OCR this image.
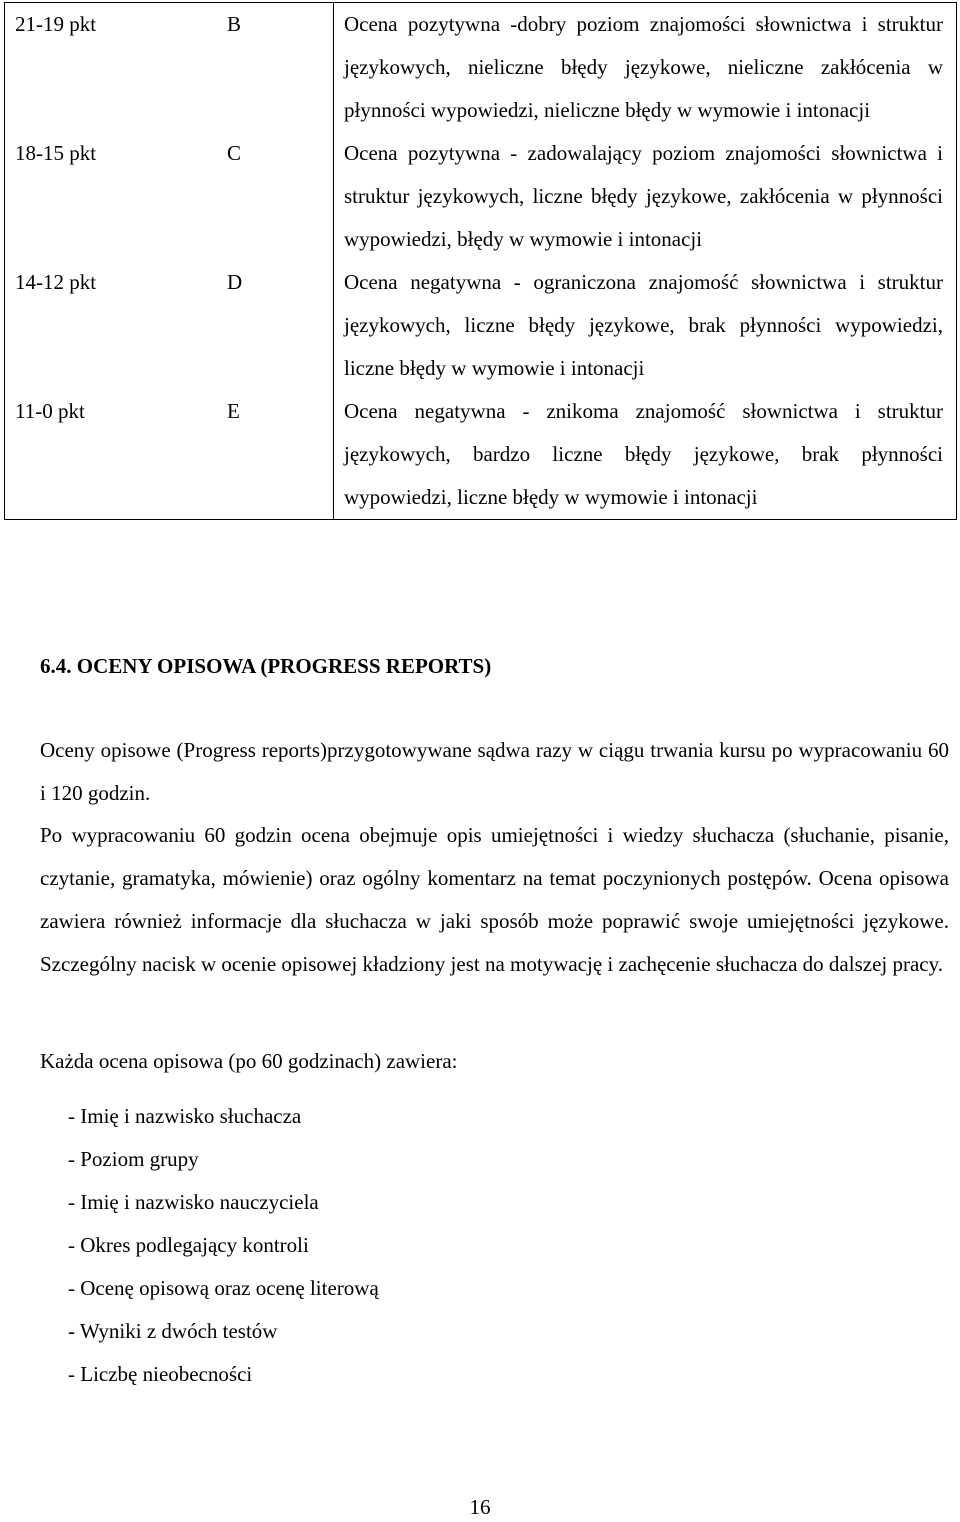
21-19 pkt	B	Ocena pozytywna -dobry poziom znajomości słownictwa i struktur językowych, nieliczne błędy językowe, nieliczne zakłócenia w płynności wypowiedzi, nieliczne błędy w wymowie i intonacji
18-15 pkt	C	Ocena pozytywna - zadowalający poziom znajomości słownictwa i struktur językowych, liczne błędy językowe, zakłócenia w płynności wypowiedzi, błędy w wymowie i intonacji
14-12 pkt	D	Ocena negatywna - ograniczona znajomość słownictwa i struktur językowych, liczne błędy językowe, brak płynności wypowiedzi, liczne błędy w wymowie i intonacji
11-0 pkt	E	Ocena negatywna - znikoma znajomość słownictwa i struktur językowych, bardzo liczne błędy językowe, brak płynności wypowiedzi, liczne błędy w wymowie i intonacji
6.4. OCENY OPISOWA (PROGRESS REPORTS)

Oceny opisowe (Progress reports)przygotowywane sądwa razy w ciągu trwania kursu po wypracowaniu 60 i 120 godzin.

Po wypracowaniu 60 godzin ocena obejmuje opis umiejętności i wiedzy słuchacza (słuchanie, pisanie, czytanie, gramatyka, mówienie) oraz ogólny komentarz na temat poczynionych postępów. Ocena opisowa zawiera również informacje dla słuchacza w jaki sposób może poprawić swoje umiejętności językowe. Szczególny nacisk w ocenie opisowej kładziony jest na motywację i zachęcenie słuchacza do dalszej pracy.

Każda ocena opisowa (po 60 godzinach) zawiera:

- Imię i nazwisko słuchacza
- Poziom grupy
- Imię i nazwisko nauczyciela
- Okres podlegający kontroli
- Ocenę opisową oraz ocenę literową
- Wyniki z dwóch testów
- Liczbę nieobecności
16
